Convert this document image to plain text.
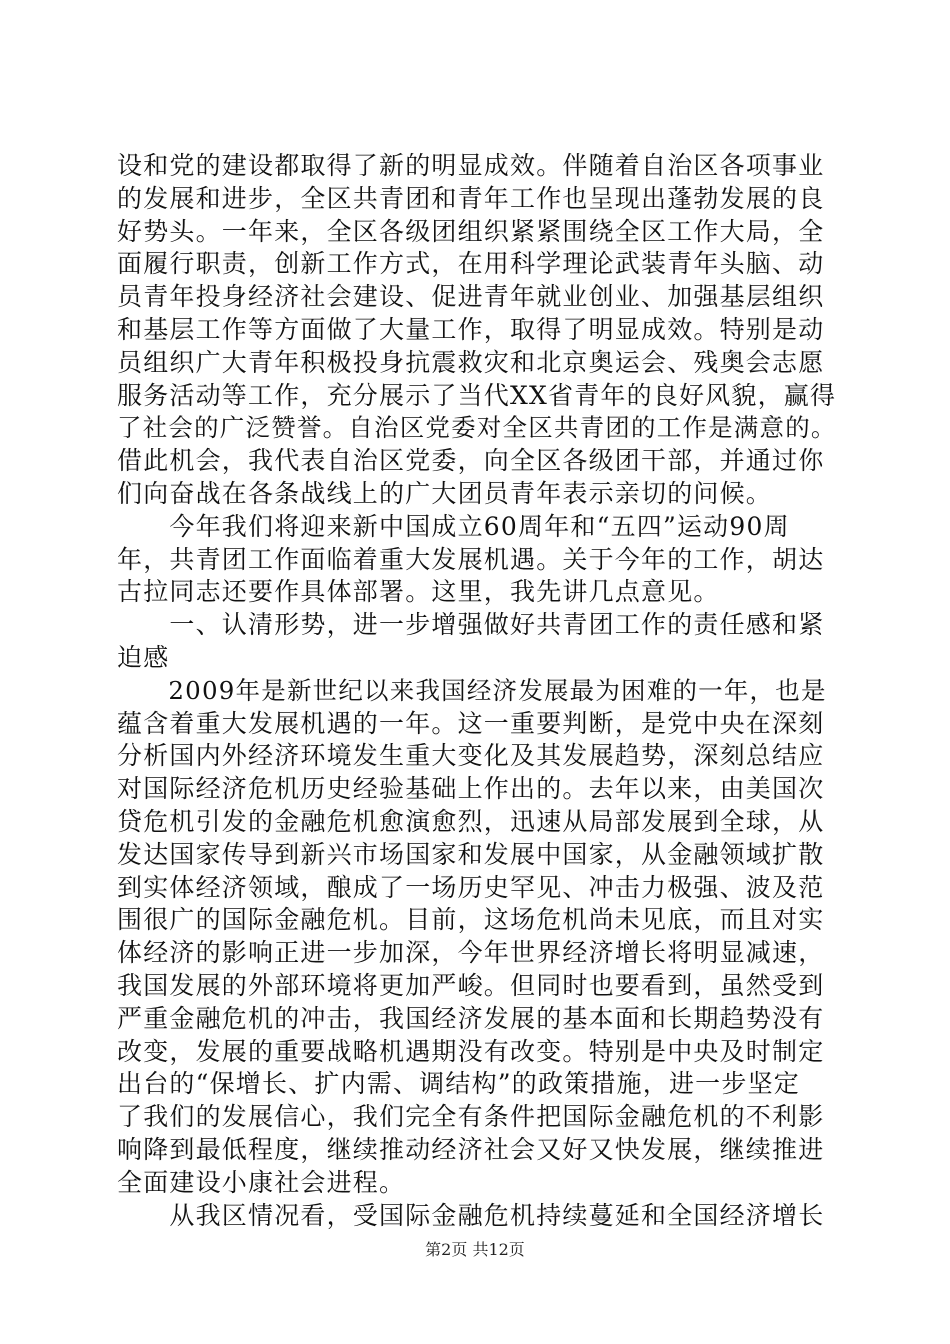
设和党的建设都取得了新的明显成效。伴随着自治区各项事业
的发展和进步，全区共青团和青年工作也呈现出蓬勃发展的良
好势头。一年来，全区各级团组织紧紧围绕全区工作大局，全
面履行职责，创新工作方式，在用科学理论武装青年头脑、动
员青年投身经济社会建设、促进青年就业创业、加强基层组织
和基层工作等方面做了大量工作，取得了明显成效。特别是动
员组织广大青年积极投身抗震救灾和北京奥运会、残奥会志愿
服务活动等工作，充分展示了当代XX省青年的良好风貌，赢得
了社会的广泛赞誉。自治区党委对全区共青团的工作是满意的。
借此机会，我代表自治区党委，向全区各级团干部，并通过你
们向奋战在各条战线上的广大团员青年表示亲切的问候。
　　今年我们将迎来新中国成立60周年和“五四”运动90周
年，共青团工作面临着重大发展机遇。关于今年的工作，胡达
古拉同志还要作具体部署。这里，我先讲几点意见。
　　一、认清形势，进一步增强做好共青团工作的责任感和紧
迫感
　　2009年是新世纪以来我国经济发展最为困难的一年，也是
蕴含着重大发展机遇的一年。这一重要判断，是党中央在深刻
分析国内外经济环境发生重大变化及其发展趋势，深刻总结应
对国际经济危机历史经验基础上作出的。去年以来，由美国次
贷危机引发的金融危机愈演愈烈，迅速从局部发展到全球，从
发达国家传导到新兴市场国家和发展中国家，从金融领域扩散
到实体经济领域，酿成了一场历史罕见、冲击力极强、波及范
围很广的国际金融危机。目前，这场危机尚未见底，而且对实
体经济的影响正进一步加深，今年世界经济增长将明显减速，
我国发展的外部环境将更加严峻。但同时也要看到，虽然受到
严重金融危机的冲击，我国经济发展的基本面和长期趋势没有
改变，发展的重要战略机遇期没有改变。特别是中央及时制定
出台的“保增长、扩内需、调结构”的政策措施，进一步坚定
了我们的发展信心，我们完全有条件把国际金融危机的不利影
响降到最低程度，继续推动经济社会又好又快发展，继续推进
全面建设小康社会进程。
　　从我区情况看，受国际金融危机持续蔓延和全国经济增长
第2页 共12页
